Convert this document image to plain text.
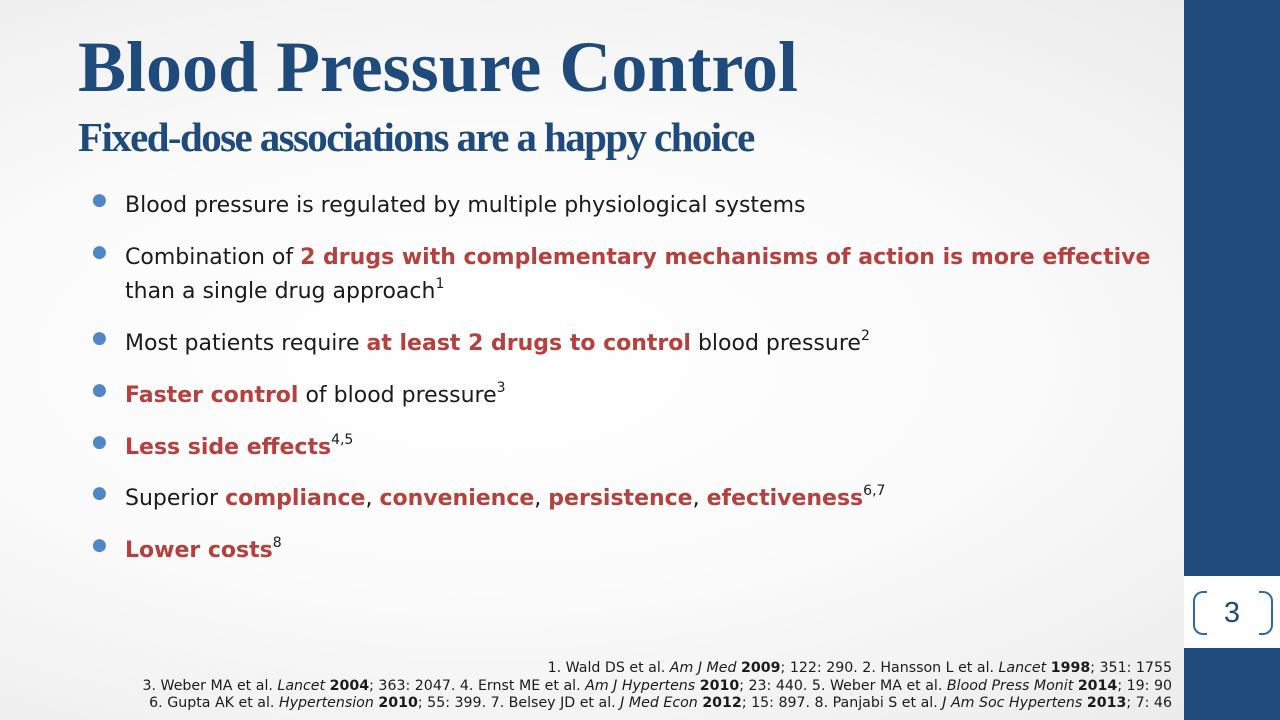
3
Blood Pressure Control
Fixed-dose associations are a happy choice
● Blood pressure is regulated by multiple physiological systems
● Combination of 2 drugs with complementary mechanisms of action is more effective
than a single drug approach$^1$
● Most patients require at least 2 drugs to control blood pressure$^2$
● Faster control of blood pressure$^3$
● Less side effects$^{4,5}$
● Superior compliance, convenience, persistence, efectiveness$^{6,7}$
● Lower costs$^8$
1. Wald DS et al. Am J Med 2009; 122: 290. 2. Hansson L et al. Lancet 1998; 351: 1755
3. Weber MA et al. Lancet 2004; 363: 2047. 4. Ernst ME et al. Am J Hypertens 2010; 23: 440. 5. Weber MA et al. Blood Press Monit 2014; 19: 90
6. Gupta AK et al. Hypertension 2010; 55: 399. 7. Belsey JD et al. J Med Econ 2012; 15: 897. 8. Panjabi S et al. J Am Soc Hypertens 2013; 7: 46
